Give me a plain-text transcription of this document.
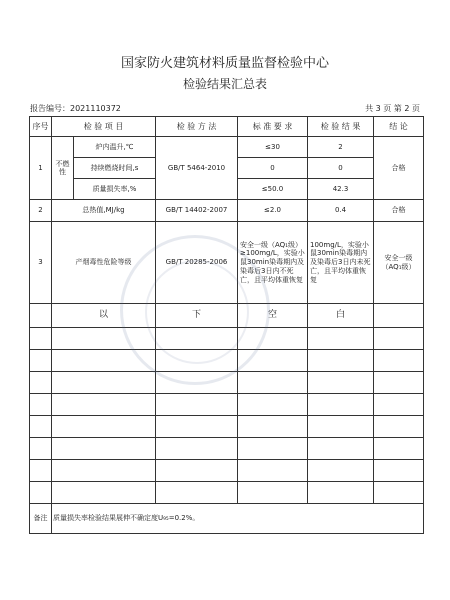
国家防火建筑材料质量监督检验中心
检验结果汇总表
报告编号：2021110372	共 3 页 第 2 页
序号	检 验 项 目		检 验 方 法	标 准 要 求	检 验 结 果	结 论
1	不燃性	炉内温升,℃	GB/T 5464-2010	≤30	2	合格
		持续燃烧时间,s		0	0	
		质量损失率,%		≤50.0	42.3	
2	总热值,MJ/kg		GB/T 14402-2007	≤2.0	0.4	合格
3	产烟毒性危险等级		GB/T 20285-2006	安全一级（AQ₁级）≥100mg/L，实验小鼠30min染毒期内及染毒后3日内不死亡，且平均体重恢复	100mg/L，实验小鼠30min染毒期内及染毒后3日内未死亡，且平均体重恢复	安全一级（AQ₁级）
	以		下	空	白	

备注	质量损失率检验结果展伸不确定度U₉₅=0.2%。					
